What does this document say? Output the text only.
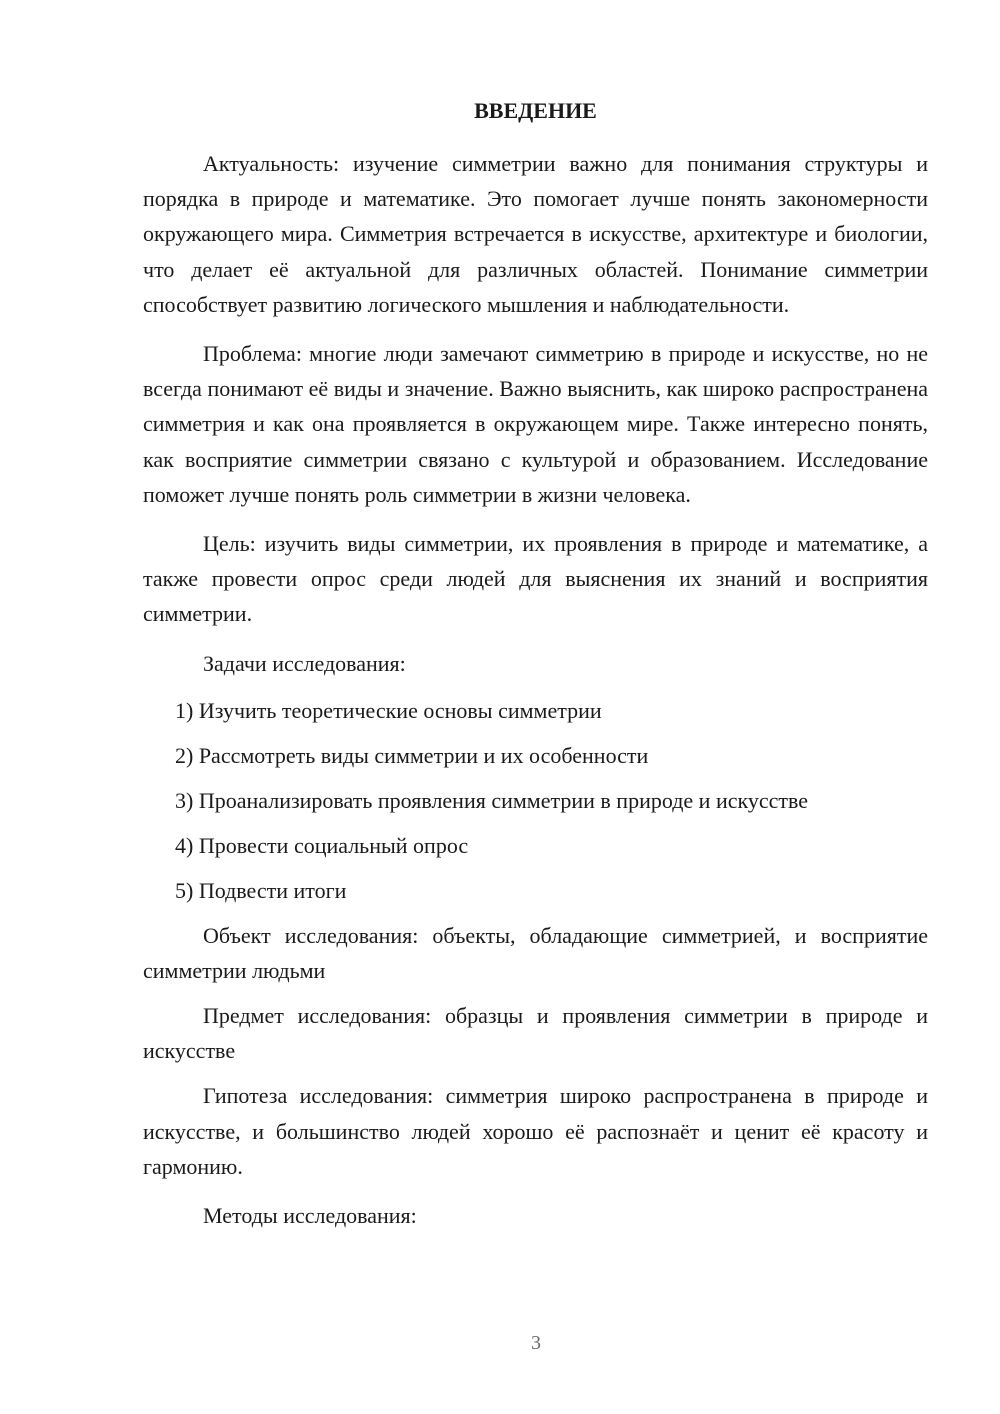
ВВЕДЕНИЕ

Актуальность: изучение симметрии важно для понимания структуры и порядка в природе и математике. Это помогает лучше понять закономерности окружающего мира. Симметрия встречается в искусстве, архитектуре и биологии, что делает её актуальной для различных областей. Понимание симметрии способствует развитию логического мышления и наблюдательности.

Проблема: многие люди замечают симметрию в природе и искусстве, но не всегда понимают её виды и значение. Важно выяснить, как широко распространена симметрия и как она проявляется в окружающем мире. Также интересно понять, как восприятие симметрии связано с культурой и образованием. Исследование поможет лучше понять роль симметрии в жизни человека.

Цель: изучить виды симметрии, их проявления в природе и математике, а также провести опрос среди людей для выяснения их знаний и восприятия симметрии.

Задачи исследования:
1) Изучить теоретические основы симметрии
2) Рассмотреть виды симметрии и их особенности
3) Проанализировать проявления симметрии в природе и искусстве
4) Провести социальный опрос
5) Подвести итоги

Объект исследования: объекты, обладающие симметрией, и восприятие симметрии людьми

Предмет исследования: образцы и проявления симметрии в природе и искусстве

Гипотеза исследования: симметрия широко распространена в природе и искусстве, и большинство людей хорошо её распознаёт и ценит её красоту и гармонию.

Методы исследования:
3
